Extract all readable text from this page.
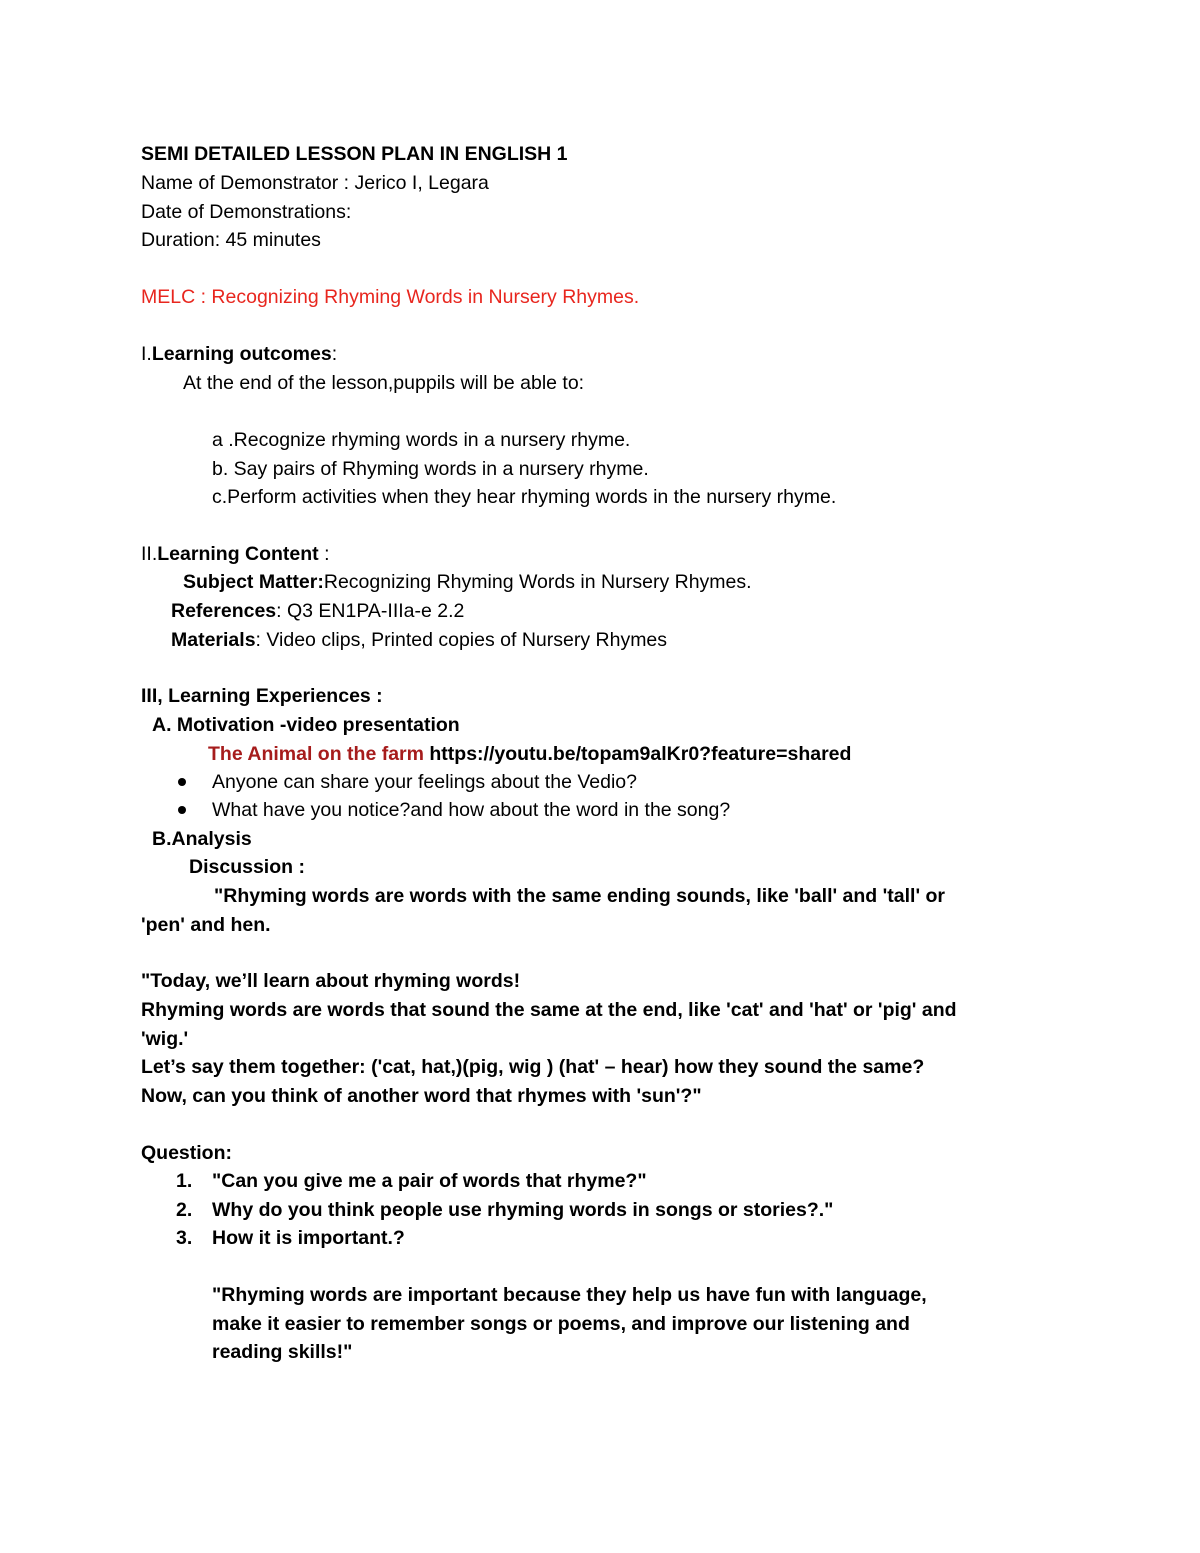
SEMI DETAILED LESSON PLAN IN ENGLISH 1
Name of Demonstrator : Jerico I, Legara
Date of Demonstrations:
Duration: 45 minutes
MELC : Recognizing Rhyming Words in Nursery Rhymes.
I.Learning outcomes:
At the end of the lesson,puppils will be able to:
a .Recognize rhyming words in a nursery rhyme.
b. Say pairs of Rhyming words in a nursery rhyme.
c.Perform activities when they hear rhyming words in the nursery rhyme.
II.Learning Content :
Subject Matter:Recognizing Rhyming Words in Nursery Rhymes.
References: Q3 EN1PA-IIIa-e 2.2
Materials: Video clips, Printed copies of Nursery Rhymes
III, Learning Experiences :
A. Motivation -video presentation
The Animal on the farm https://youtu.be/topam9alKr0?feature=shared
Anyone can share your feelings about the Vedio?
What have you notice?and how about the word in the song?
B.Analysis
Discussion :
"Rhyming words are words with the same ending sounds, like 'ball' and 'tall' or
'pen' and hen.
"Today, we’ll learn about rhyming words!
Rhyming words are words that sound the same at the end, like 'cat' and 'hat' or 'pig' and
'wig.'
Let’s say them together: ('cat, hat,)(pig, wig ) (hat' – hear) how they sound the same?
Now, can you think of another word that rhymes with 'sun'?"
Question:
1. "Can you give me a pair of words that rhyme?"
2. Why do you think people use rhyming words in songs or stories?."
3. How it is important.?
"Rhyming words are important because they help us have fun with language,
make it easier to remember songs or poems, and improve our listening and
reading skills!"
